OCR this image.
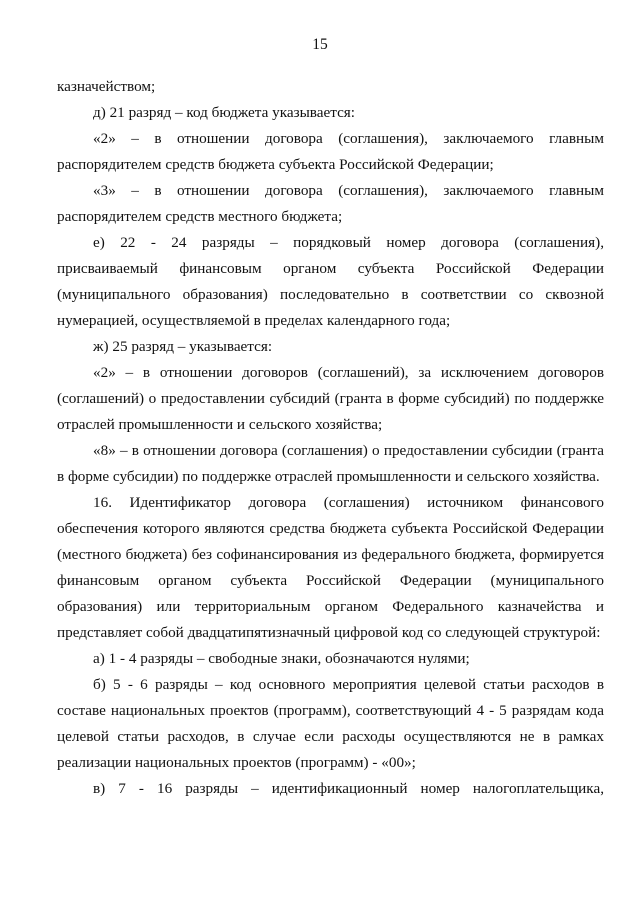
15

казначейством;

д) 21 разряд – код бюджета указывается:

«2» – в отношении договора (соглашения), заключаемого главным распорядителем средств бюджета субъекта Российской Федерации;

«3» – в отношении договора (соглашения), заключаемого главным распорядителем средств местного бюджета;

е) 22 - 24 разряды – порядковый номер договора (соглашения), присваиваемый финансовым органом субъекта Российской Федерации (муниципального образования) последовательно в соответствии со сквозной нумерацией, осуществляемой в пределах календарного года;

ж) 25 разряд – указывается:

«2» – в отношении договоров (соглашений), за исключением договоров (соглашений) о предоставлении субсидий (гранта в форме субсидий) по поддержке отраслей промышленности и сельского хозяйства;

«8» – в отношении договора (соглашения) о предоставлении субсидии (гранта в форме субсидии) по поддержке отраслей промышленности и сельского хозяйства.

16. Идентификатор договора (соглашения) источником финансового обеспечения которого являются средства бюджета субъекта Российской Федерации (местного бюджета) без софинансирования из федерального бюджета, формируется финансовым органом субъекта Российской Федерации (муниципального образования) или территориальным органом Федерального казначейства и представляет собой двадцатипятизначный цифровой код со следующей структурой:

а) 1 - 4 разряды – свободные знаки, обозначаются нулями;

б) 5 - 6 разряды – код основного мероприятия целевой статьи расходов в составе национальных проектов (программ), соответствующий 4 - 5 разрядам кода целевой статьи расходов, в случае если расходы осуществляются не в рамках реализации национальных проектов (программ) - «00»;

в) 7 - 16 разряды – идентификационный номер налогоплательщика,
